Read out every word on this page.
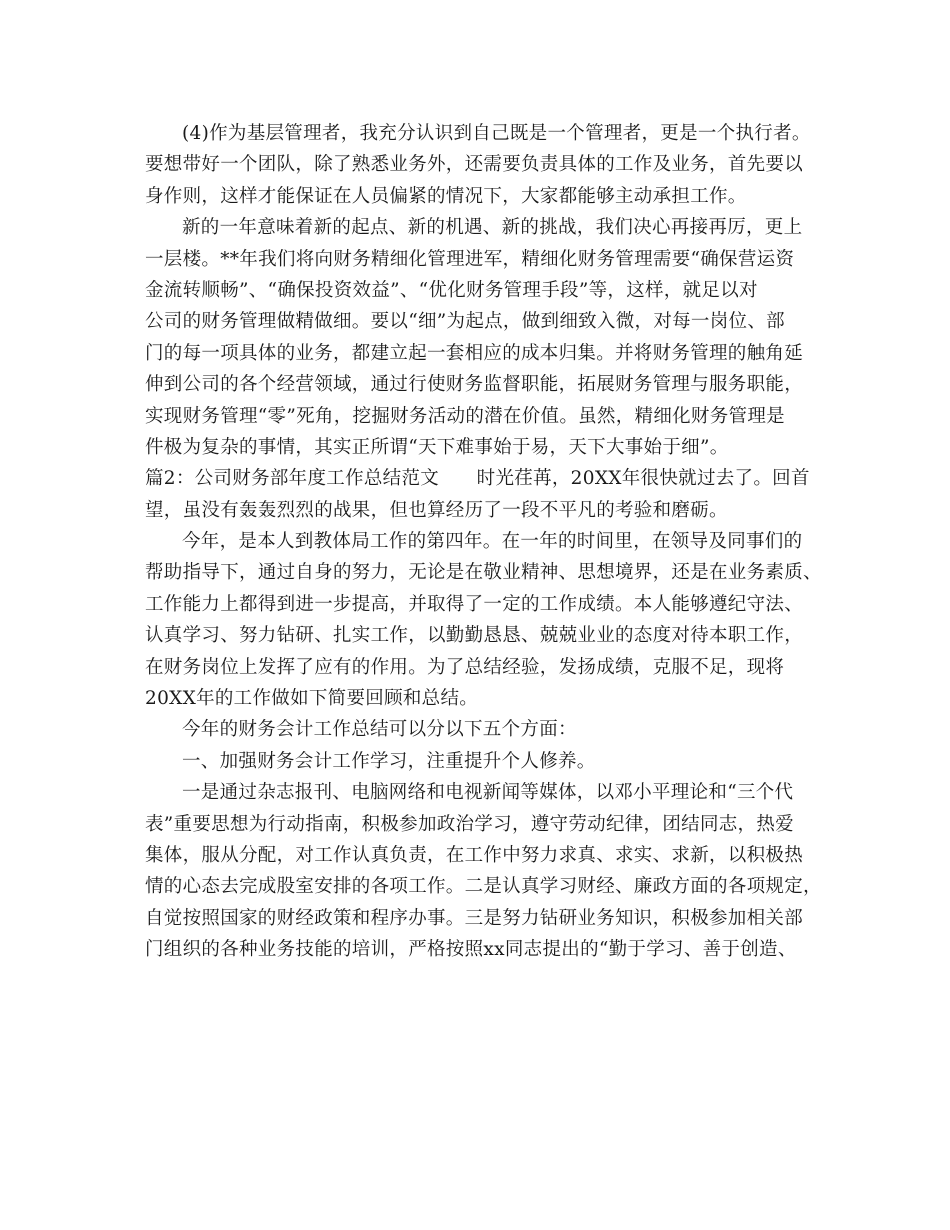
(4)作为基层管理者，我充分认识到自己既是一个管理者，更是一个执行者。
要想带好一个团队，除了熟悉业务外，还需要负责具体的工作及业务，首先要以
身作则，这样才能保证在人员偏紧的情况下，大家都能够主动承担工作。
新的一年意味着新的起点、新的机遇、新的挑战，我们决心再接再厉，更上
一层楼。**年我们将向财务精细化管理进军，精细化财务管理需要“确保营运资
金流转顺畅”、“确保投资效益”、“优化财务管理手段”等，这样，就足以对
公司的财务管理做精做细。要以“细”为起点，做到细致入微，对每一岗位、部
门的每一项具体的业务，都建立起一套相应的成本归集。并将财务管理的触角延
伸到公司的各个经营领域，通过行使财务监督职能，拓展财务管理与服务职能，
实现财务管理“零”死角，挖掘财务活动的潜在价值。虽然，精细化财务管理是
件极为复杂的事情，其实正所谓“天下难事始于易，天下大事始于细”。
篇2：公司财务部年度工作总结范文　　时光荏苒，20XX年很快就过去了。回首
望，虽没有轰轰烈烈的战果，但也算经历了一段不平凡的考验和磨砺。
今年，是本人到教体局工作的第四年。在一年的时间里，在领导及同事们的
帮助指导下，通过自身的努力，无论是在敬业精神、思想境界，还是在业务素质、
工作能力上都得到进一步提高，并取得了一定的工作成绩。本人能够遵纪守法、
认真学习、努力钻研、扎实工作，以勤勤恳恳、兢兢业业的态度对待本职工作，
在财务岗位上发挥了应有的作用。为了总结经验，发扬成绩，克服不足，现将
20XX年的工作做如下简要回顾和总结。
今年的财务会计工作总结可以分以下五个方面：
一、加强财务会计工作学习，注重提升个人修养。
一是通过杂志报刊、电脑网络和电视新闻等媒体，以邓小平理论和“三个代
表”重要思想为行动指南，积极参加政治学习，遵守劳动纪律，团结同志，热爱
集体，服从分配，对工作认真负责，在工作中努力求真、求实、求新，以积极热
情的心态去完成股室安排的各项工作。二是认真学习财经、廉政方面的各项规定，
自觉按照国家的财经政策和程序办事。三是努力钻研业务知识，积极参加相关部
门组织的各种业务技能的培训，严格按照xx同志提出的“勤于学习、善于创造、
